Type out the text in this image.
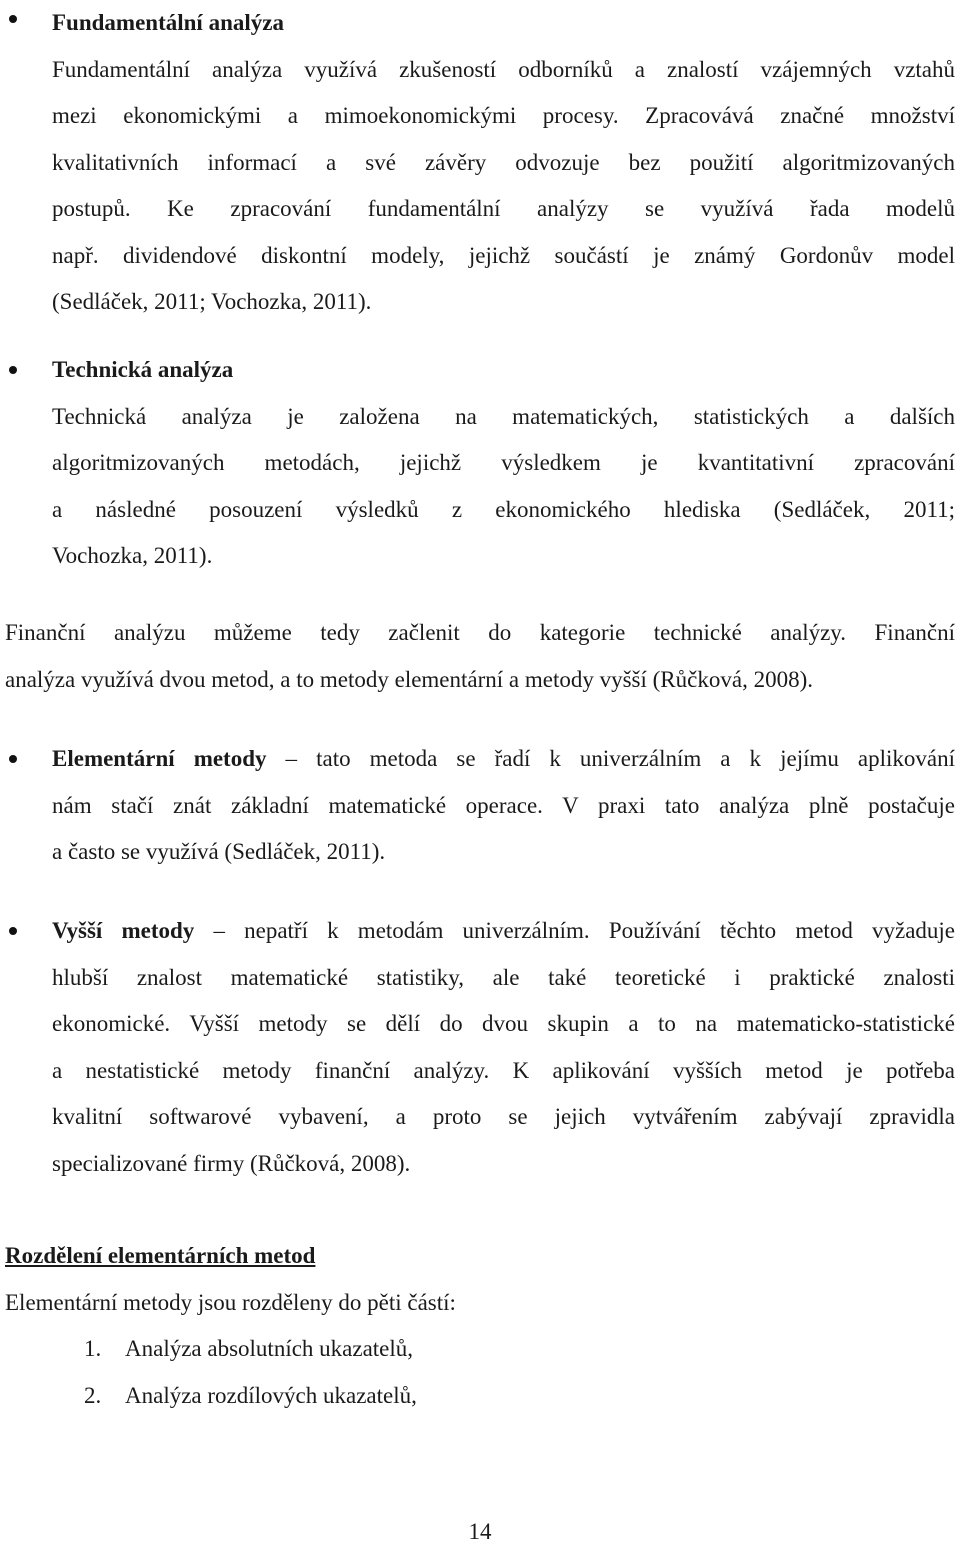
Fundamentální analýza
Fundamentální analýza využívá zkušeností odborníků a znalostí vzájemných vztahů
mezi ekonomickými a mimoekonomickými procesy. Zpracovává značné množství
kvalitativních informací a své závěry odvozuje bez použití algoritmizovaných
postupů. Ke zpracování fundamentální analýzy se využívá řada modelů
např. dividendové diskontní modely, jejichž součástí je známý Gordonův model
(Sedláček, 2011; Vochozka, 2011).
Technická analýza
Technická analýza je založena na matematických, statistických a dalších
algoritmizovaných metodách, jejichž výsledkem je kvantitativní zpracování
a následné posouzení výsledků z ekonomického hlediska (Sedláček, 2011;
Vochozka, 2011).
Finanční analýzu můžeme tedy začlenit do kategorie technické analýzy. Finanční
analýza využívá dvou metod, a to metody elementární a metody vyšší (Růčková, 2008).
Elementární metody – tato metoda se řadí k univerzálním a k jejímu aplikování
nám stačí znát základní matematické operace. V praxi tato analýza plně postačuje
a často se využívá (Sedláček, 2011).
Vyšší metody – nepatří k metodám univerzálním. Používání těchto metod vyžaduje
hlubší znalost matematické statistiky, ale také teoretické i praktické znalosti
ekonomické. Vyšší metody se dělí do dvou skupin a to na matematicko-statistické
a nestatistické metody finanční analýzy. K aplikování vyšších metod je potřeba
kvalitní softwarové vybavení, a proto se jejich vytvářením zabývají zpravidla
specializované firmy (Růčková, 2008).
Rozdělení elementárních metod
Elementární metody jsou rozděleny do pěti částí:
1. Analýza absolutních ukazatelů,
2. Analýza rozdílových ukazatelů,
14
